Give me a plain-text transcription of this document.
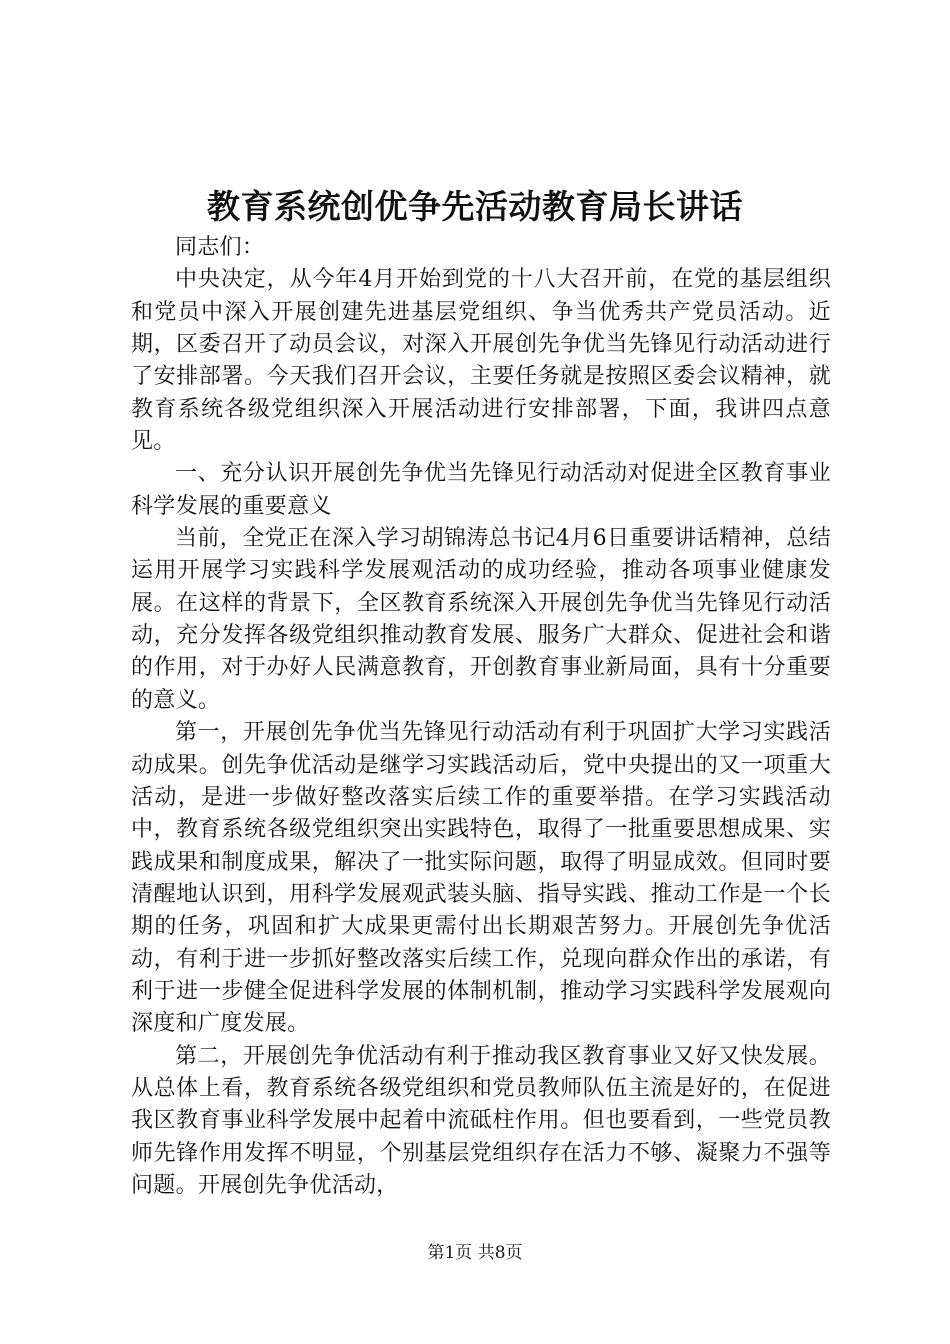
教育系统创优争先活动教育局长讲话

同志们：

中央决定，从今年4月开始到党的十八大召开前，在党的基层组织和党员中深入开展创建先进基层党组织、争当优秀共产党员活动。近期，区委召开了动员会议，对深入开展创先争优当先锋见行动活动进行了安排部署。今天我们召开会议，主要任务就是按照区委会议精神，就教育系统各级党组织深入开展活动进行安排部署，下面，我讲四点意见。

一、充分认识开展创先争优当先锋见行动活动对促进全区教育事业科学发展的重要意义

当前，全党正在深入学习胡锦涛总书记4月6日重要讲话精神，总结运用开展学习实践科学发展观活动的成功经验，推动各项事业健康发展。在这样的背景下，全区教育系统深入开展创先争优当先锋见行动活动，充分发挥各级党组织推动教育发展、服务广大群众、促进社会和谐的作用，对于办好人民满意教育，开创教育事业新局面，具有十分重要的意义。

第一，开展创先争优当先锋见行动活动有利于巩固扩大学习实践活动成果。创先争优活动是继学习实践活动后，党中央提出的又一项重大活动，是进一步做好整改落实后续工作的重要举措。在学习实践活动中，教育系统各级党组织突出实践特色，取得了一批重要思想成果、实践成果和制度成果，解决了一批实际问题，取得了明显成效。但同时要清醒地认识到，用科学发展观武装头脑、指导实践、推动工作是一个长期的任务，巩固和扩大成果更需付出长期艰苦努力。开展创先争优活动，有利于进一步抓好整改落实后续工作，兑现向群众作出的承诺，有利于进一步健全促进科学发展的体制机制，推动学习实践科学发展观向深度和广度发展。

第二，开展创先争优活动有利于推动我区教育事业又好又快发展。从总体上看，教育系统各级党组织和党员教师队伍主流是好的，在促进我区教育事业科学发展中起着中流砥柱作用。但也要看到，一些党员教师先锋作用发挥不明显，个别基层党组织存在活力不够、凝聚力不强等问题。开展创先争优活动，

第1页 共8页
